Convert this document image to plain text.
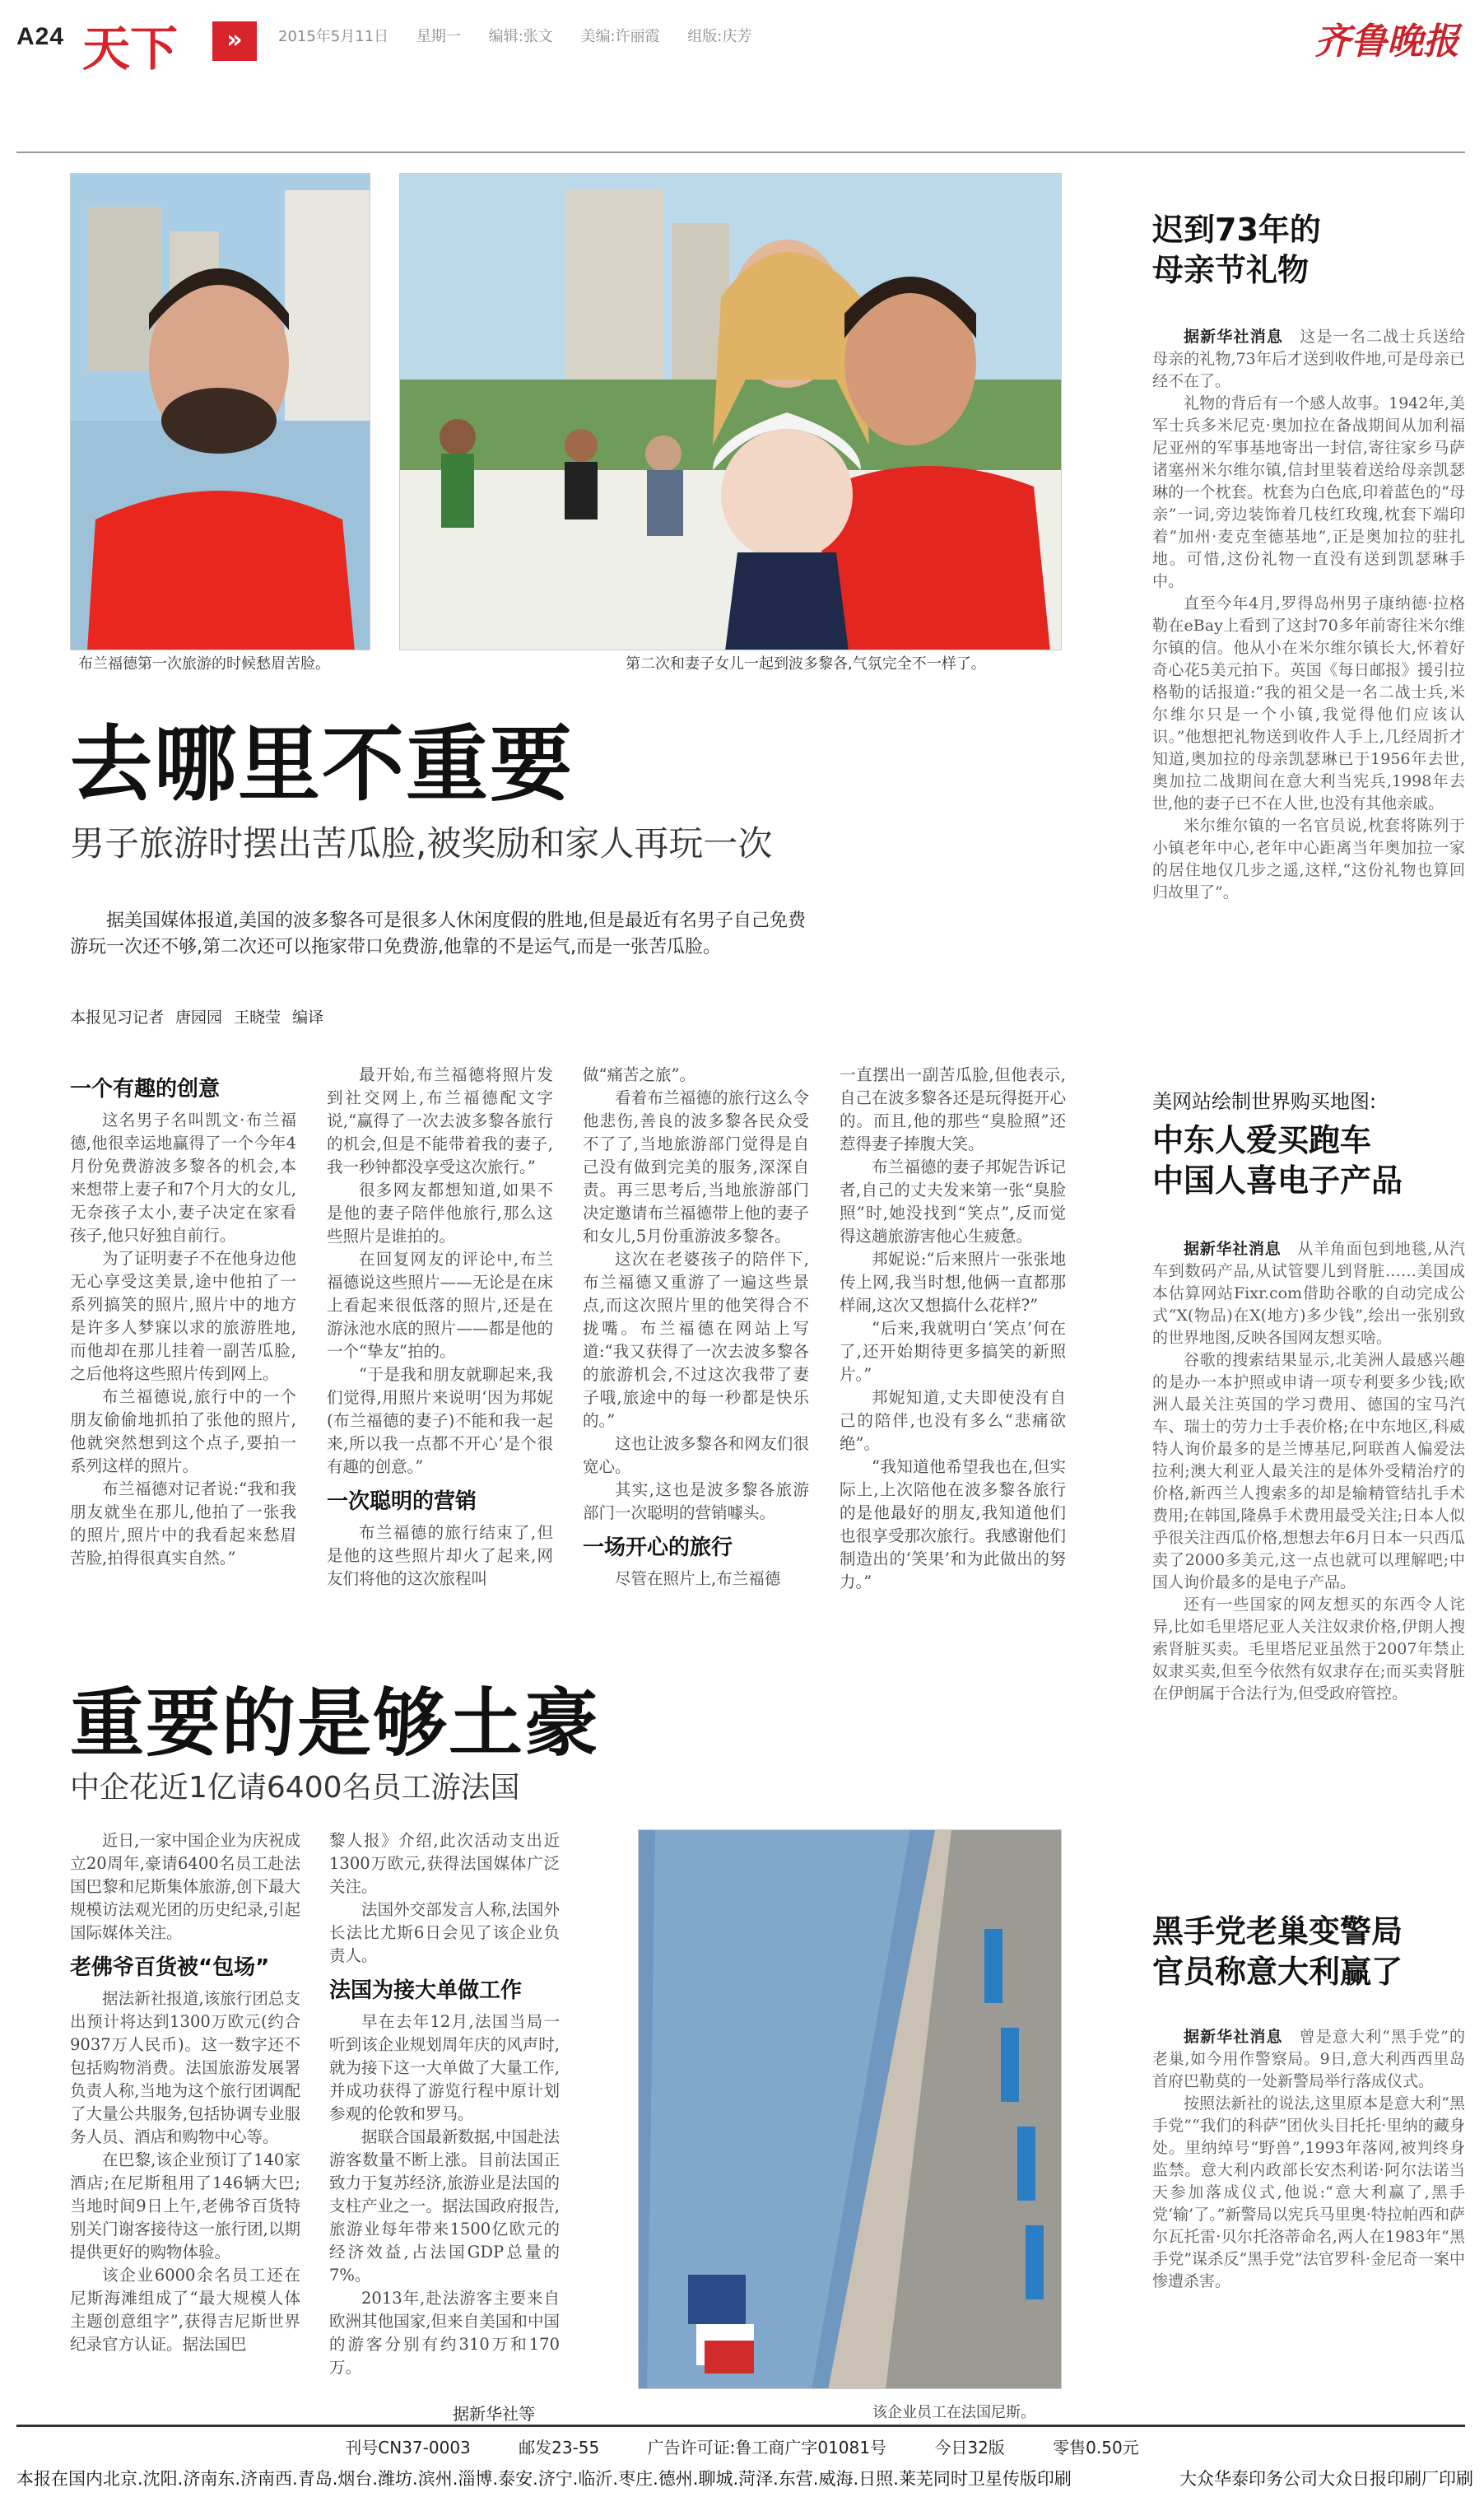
A24 天下	»	2015年5月11日 星期一 编辑:张文 美编:许丽霞 组版:庆芳	齐鲁晚报
布兰福德第一次旅游的时候愁眉苦脸。	第二次和妻子女儿一起到波多黎各,气氛完全不一样了。
去哪里不重要
男子旅游时摆出苦瓜脸,被奖励和家人再玩一次
据美国媒体报道,美国的波多黎各可是很多人休闲度假的胜地,但是最近有名男子自己免费游玩一次还不够,第二次还可以拖家带口免费游,他靠的不是运气,而是一张苦瓜脸。
本报见习记者 唐园园 王晓莹 编译

一个有趣的创意

这名男子名叫凯文·布兰福德,他很幸运地赢得了一个今年4月份免费游波多黎各的机会,本来想带上妻子和7个月大的女儿,无奈孩子太小,妻子决定在家看孩子,他只好独自前行。

为了证明妻子不在他身边他无心享受这美景,途中他拍了一系列搞笑的照片,照片中的地方是许多人梦寐以求的旅游胜地,而他却在那儿挂着一副苦瓜脸,之后他将这些照片传到网上。

布兰福德说,旅行中的一个朋友偷偷地抓拍了张他的照片,他就突然想到这个点子,要拍一系列这样的照片。

布兰福德对记者说:“我和我朋友就坐在那儿,他拍了一张我的照片,照片中的我看起来愁眉苦脸,拍得很真实自然。”

最开始,布兰福德将照片发到社交网上,布兰福德配文字说,“赢得了一次去波多黎各旅行的机会,但是不能带着我的妻子,我一秒钟都没享受这次旅行。”

很多网友都想知道,如果不是他的妻子陪伴他旅行,那么这些照片是谁拍的。

在回复网友的评论中,布兰福德说这些照片——无论是在床上看起来很低落的照片,还是在游泳池水底的照片——都是他的一个“挚友”拍的。

“于是我和朋友就聊起来,我们觉得,用照片来说明‘因为邦妮(布兰福德的妻子)不能和我一起来,所以我一点都不开心’是个很有趣的创意。”

一次聪明的营销

布兰福德的旅行结束了,但是他的这些照片却火了起来,网友们将他的这次旅程叫

做“痛苦之旅”。

看着布兰福德的旅行这么令他悲伤,善良的波多黎各民众受不了了,当地旅游部门觉得是自己没有做到完美的服务,深深自责。再三思考后,当地旅游部门决定邀请布兰福德带上他的妻子和女儿,5月份重游波多黎各。

这次在老婆孩子的陪伴下,布兰福德又重游了一遍这些景点,而这次照片里的他笑得合不拢嘴。布兰福德在网站上写道:“我又获得了一次去波多黎各的旅游机会,不过这次我带了妻子哦,旅途中的每一秒都是快乐的。”

这也让波多黎各和网友们很宽心。

其实,这也是波多黎各旅游部门一次聪明的营销噱头。

一场开心的旅行

尽管在照片上,布兰福德

一直摆出一副苦瓜脸,但他表示,自己在波多黎各还是玩得挺开心的。而且,他的那些“臭脸照”还惹得妻子捧腹大笑。

布兰福德的妻子邦妮告诉记者,自己的丈夫发来第一张“臭脸照”时,她没找到“笑点”,反而觉得这趟旅游害他心生疲惫。

邦妮说:“后来照片一张张地传上网,我当时想,他俩一直都那样闹,这次又想搞什么花样?”

“后来,我就明白‘笑点’何在了,还开始期待更多搞笑的新照片。”

邦妮知道,丈夫即使没有自己的陪伴,也没有多么“悲痛欲绝”。

“我知道他希望我也在,但实际上,上次陪他在波多黎各旅行的是他最好的朋友,我知道他们也很享受那次旅行。我感谢他们制造出的‘笑果’和为此做出的努力。”

重要的是够土豪
中企花近1亿请6400名员工游法国

近日,一家中国企业为庆祝成立20周年,豪请6400名员工赴法国巴黎和尼斯集体旅游,创下最大规模访法观光团的历史纪录,引起国际媒体关注。

老佛爷百货被“包场”

据法新社报道,该旅行团总支出预计将达到1300万欧元(约合9037万人民币)。这一数字还不包括购物消费。法国旅游发展署负责人称,当地为这个旅行团调配了大量公共服务,包括协调专业服务人员、酒店和购物中心等。

在巴黎,该企业预订了140家酒店;在尼斯租用了146辆大巴;当地时间9日上午,老佛爷百货特别关门谢客接待这一旅行团,以期提供更好的购物体验。

该企业6000余名员工还在尼斯海滩组成了“最大规模人体主题创意组字”,获得吉尼斯世界纪录官方认证。据法国巴

黎人报》介绍,此次活动支出近1300万欧元,获得法国媒体广泛关注。

法国外交部发言人称,法国外长法比尤斯6日会见了该企业负责人。

法国为接大单做工作

早在去年12月,法国当局一听到该企业规划周年庆的风声时,就为接下这一大单做了大量工作,并成功获得了游览行程中原计划参观的伦敦和罗马。

据联合国最新数据,中国赴法游客数量不断上涨。目前法国正致力于复苏经济,旅游业是法国的支柱产业之一。据法国政府报告,旅游业每年带来1500亿欧元的经济效益,占法国GDP总量的7%。

2013年,赴法游客主要来自欧洲其他国家,但来自美国和中国的游客分别有约310万和170万。

据新华社等	该企业员工在法国尼斯。
迟到73年的
母亲节礼物

据新华社消息　 这是一名二战士兵送给母亲的礼物,73年后才送到收件地,可是母亲已经不在了。

礼物的背后有一个感人故事。1942年,美军士兵多米尼克·奥加拉在备战期间从加利福尼亚州的军事基地寄出一封信,寄往家乡马萨诸塞州米尔维尔镇,信封里装着送给母亲凯瑟琳的一个枕套。枕套为白色底,印着蓝色的“母亲”一词,旁边装饰着几枝红玫瑰,枕套下端印着“加州·麦克奎德基地”,正是奥加拉的驻扎地。可惜,这份礼物一直没有送到凯瑟琳手中。

直至今年4月,罗得岛州男子康纳德·拉格勒在eBay上看到了这封70多年前寄往米尔维尔镇的信。他从小在米尔维尔镇长大,怀着好奇心花5美元拍下。英国《每日邮报》援引拉格勒的话报道:“我的祖父是一名二战士兵,米尔维尔只是一个小镇,我觉得他们应该认识。”他想把礼物送到收件人手上,几经周折才知道,奥加拉的母亲凯瑟琳已于1956年去世,奥加拉二战期间在意大利当宪兵,1998年去世,他的妻子已不在人世,也没有其他亲戚。

米尔维尔镇的一名官员说,枕套将陈列于小镇老年中心,老年中心距离当年奥加拉一家的居住地仅几步之遥,这样,“这份礼物也算回归故里了”。

美网站绘制世界购买地图:
中东人爱买跑车
中国人喜电子产品

据新华社消息　 从羊角面包到地毯,从汽车到数码产品,从试管婴儿到肾脏……美国成本估算网站Fixr.com借助谷歌的自动完成公式“X(物品)在X(地方)多少钱”,绘出一张别致的世界地图,反映各国网友想买啥。

谷歌的搜索结果显示,北美洲人最感兴趣的是办一本护照或申请一项专利要多少钱;欧洲人最关注英国的学习费用、德国的宝马汽车、瑞士的劳力士手表价格;在中东地区,科威特人询价最多的是兰博基尼,阿联酋人偏爱法拉利;澳大利亚人最关注的是体外受精治疗的价格,新西兰人搜索多的却是输精管结扎手术费用;在韩国,隆鼻手术费用最受关注;日本人似乎很关注西瓜价格,想想去年6月日本一只西瓜卖了2000多美元,这一点也就可以理解吧;中国人询价最多的是电子产品。

还有一些国家的网友想买的东西令人诧异,比如毛里塔尼亚人关注奴隶价格,伊朗人搜索肾脏买卖。毛里塔尼亚虽然于2007年禁止奴隶买卖,但至今依然有奴隶存在;而买卖肾脏在伊朗属于合法行为,但受政府管控。

黑手党老巢变警局
官员称意大利赢了

据新华社消息　 曾是意大利“黑手党”的老巢,如今用作警察局。9日,意大利西西里岛首府巴勒莫的一处新警局举行落成仪式。

按照法新社的说法,这里原本是意大利“黑手党”“我们的科萨”团伙头目托托·里纳的藏身处。里纳绰号“野兽”,1993年落网,被判终身监禁。意大利内政部长安杰利诺·阿尔法诺当天参加落成仪式,他说:“意大利赢了,黑手党‘输’了。”新警局以宪兵马里奥·特拉帕西和萨尔瓦托雷·贝尔托洛蒂命名,两人在1983年“黑手党”谋杀反“黑手党”法官罗科·金尼奇一案中惨遭杀害。

刊号CN37-0003	邮发23-55	广告许可证:鲁工商广字01081号	今日32版	零售0.50元
本报在国内北京.沈阳.济南东.济南西.青岛.烟台.潍坊.滨州.淄博.泰安.济宁.临沂.枣庄.德州.聊城.菏泽.东营.威海.日照.莱芜同时卫星传版印刷	大众华泰印务公司大众日报印刷厂印刷
